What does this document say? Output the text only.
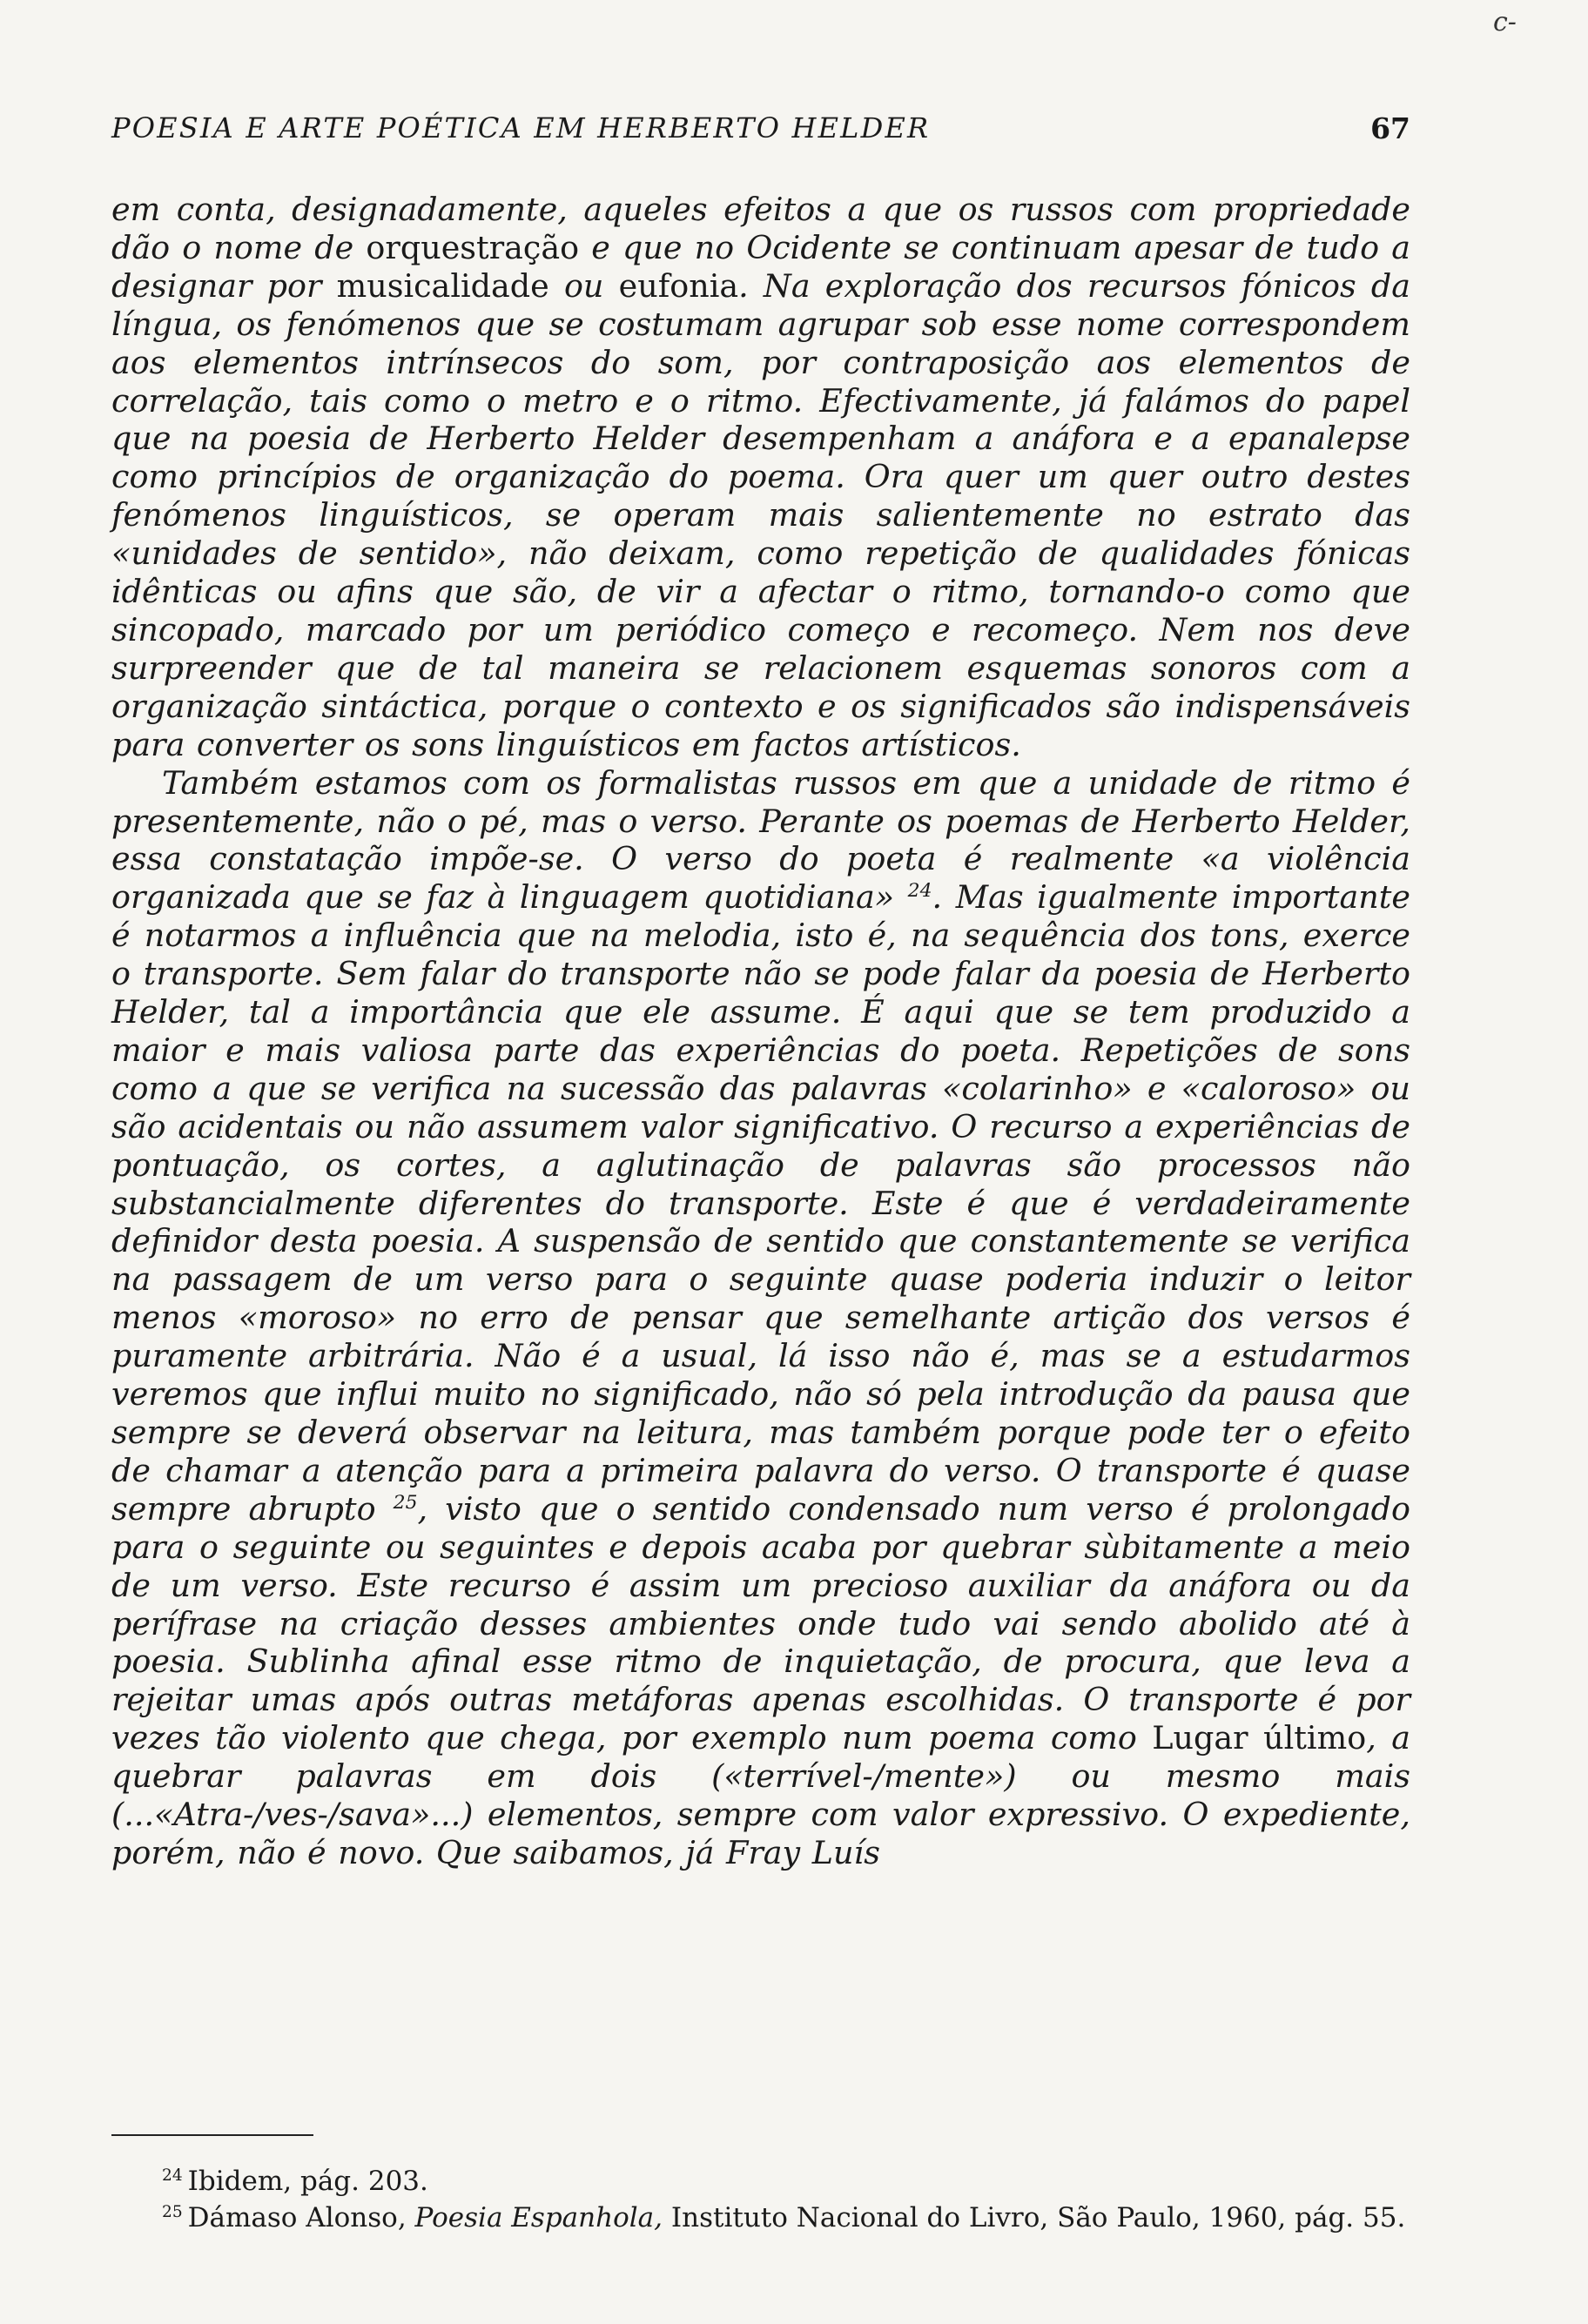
c-
POESIA E ARTE POÉTICA EM HERBERTO HELDER	67

em conta, designadamente, aqueles efeitos a que os russos com propriedade dão o nome de orquestração e que no Ocidente se continuam apesar de tudo a designar por musicalidade ou eufonia. Na exploração dos recursos fónicos da língua, os fenómenos que se costumam agrupar sob esse nome correspondem aos elementos intrínsecos do som, por contraposição aos elementos de correlação, tais como o metro e o ritmo. Efectivamente, já falámos do papel que na poesia de Herberto Helder desempenham a anáfora e a epanalepse como princípios de organização do poema. Ora quer um quer outro destes fenómenos linguísticos, se operam mais salientemente no estrato das «unidades de sentido», não deixam, como repetição de qualidades fónicas idênticas ou afins que são, de vir a afectar o ritmo, tornando-o como que sincopado, marcado por um periódico começo e recomeço. Nem nos deve surpreender que de tal maneira se relacionem esquemas sonoros com a organização sintáctica, porque o contexto e os significados são indispensáveis para converter os sons linguísticos em factos artísticos.

Também estamos com os formalistas russos em que a unidade de ritmo é presentemente, não o pé, mas o verso. Perante os poemas de Herberto Helder, essa constatação impõe-se. O verso do poeta é realmente «a violência organizada que se faz à linguagem quotidiana» $^{24}$. Mas igualmente importante é notarmos a influência que na melodia, isto é, na sequência dos tons, exerce o transporte. Sem falar do transporte não se pode falar da poesia de Herberto Helder, tal a importância que ele assume. É aqui que se tem produzido a maior e mais valiosa parte das experiências do poeta. Repetições de sons como a que se verifica na sucessão das palavras «colarinho» e «caloroso» ou são acidentais ou não assumem valor significativo. O recurso a experiências de pontuação, os cortes, a aglutinação de palavras são processos não substancialmente diferentes do transporte. Este é que é verdadeiramente definidor desta poesia. A suspensão de sentido que constantemente se verifica na passagem de um verso para o seguinte quase poderia induzir o leitor menos «moroso» no erro de pensar que semelhante artição dos versos é puramente arbitrária. Não é a usual, lá isso não é, mas se a estudarmos veremos que influi muito no significado, não só pela introdução da pausa que sempre se deverá observar na leitura, mas também porque pode ter o efeito de chamar a atenção para a primeira palavra do verso. O transporte é quase sempre abrupto $^{25}$, visto que o sentido condensado num verso é prolongado para o seguinte ou seguintes e depois acaba por quebrar sùbitamente a meio de um verso. Este recurso é assim um precioso auxiliar da anáfora ou da perífrase na criação desses ambientes onde tudo vai sendo abolido até à poesia. Sublinha afinal esse ritmo de inquietação, de procura, que leva a rejeitar umas após outras metáforas apenas escolhidas. O transporte é por vezes tão violento que chega, por exemplo num poema como Lugar último, a quebrar palavras em dois («terrível-/mente») ou mesmo mais (...«Atra-/ves-/sava»...) elementos, sempre com valor expressivo. O expediente, porém, não é novo. Que saibamos, já Fray Luís

$^{24}$ Ibidem, pág. 203.

$^{25}$ Dámaso Alonso, Poesia Espanhola, Instituto Nacional do Livro, São Paulo, 1960, pág. 55.
